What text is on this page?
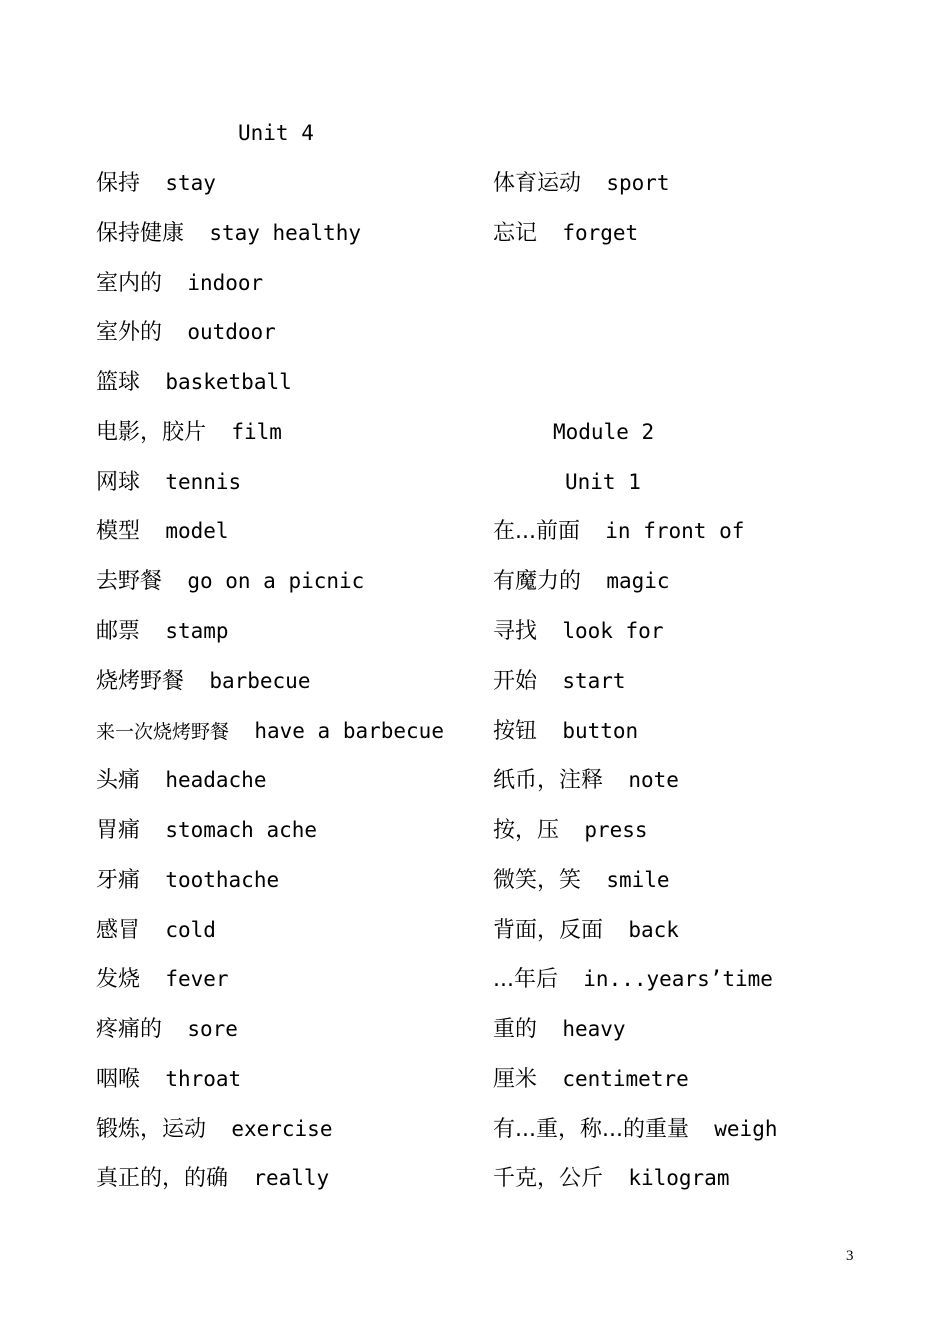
Unit 4
保持 stay
保持健康 stay healthy
室内的 indoor
室外的 outdoor
篮球 basketball
电影，胶片 film
网球 tennis
模型 model
去野餐 go on a picnic
邮票 stamp
烧烤野餐 barbecue
来一次烧烤野餐 have a barbecue
头痛 headache
胃痛 stomach ache
牙痛 toothache
感冒 cold
发烧 fever
疼痛的 sore
咽喉 throat
锻炼，运动 exercise
真正的，的确 really
体育运动 sport
忘记 forget
Module 2
Unit 1
在...前面 in front of
有魔力的 magic
寻找 look for
开始 start
按钮 button
纸币，注释 note
按，压 press
微笑，笑 smile
背面，反面 back
...年后 in...years’time
重的 heavy
厘米 centimetre
有...重，称...的重量 weigh
千克，公斤 kilogram
3
